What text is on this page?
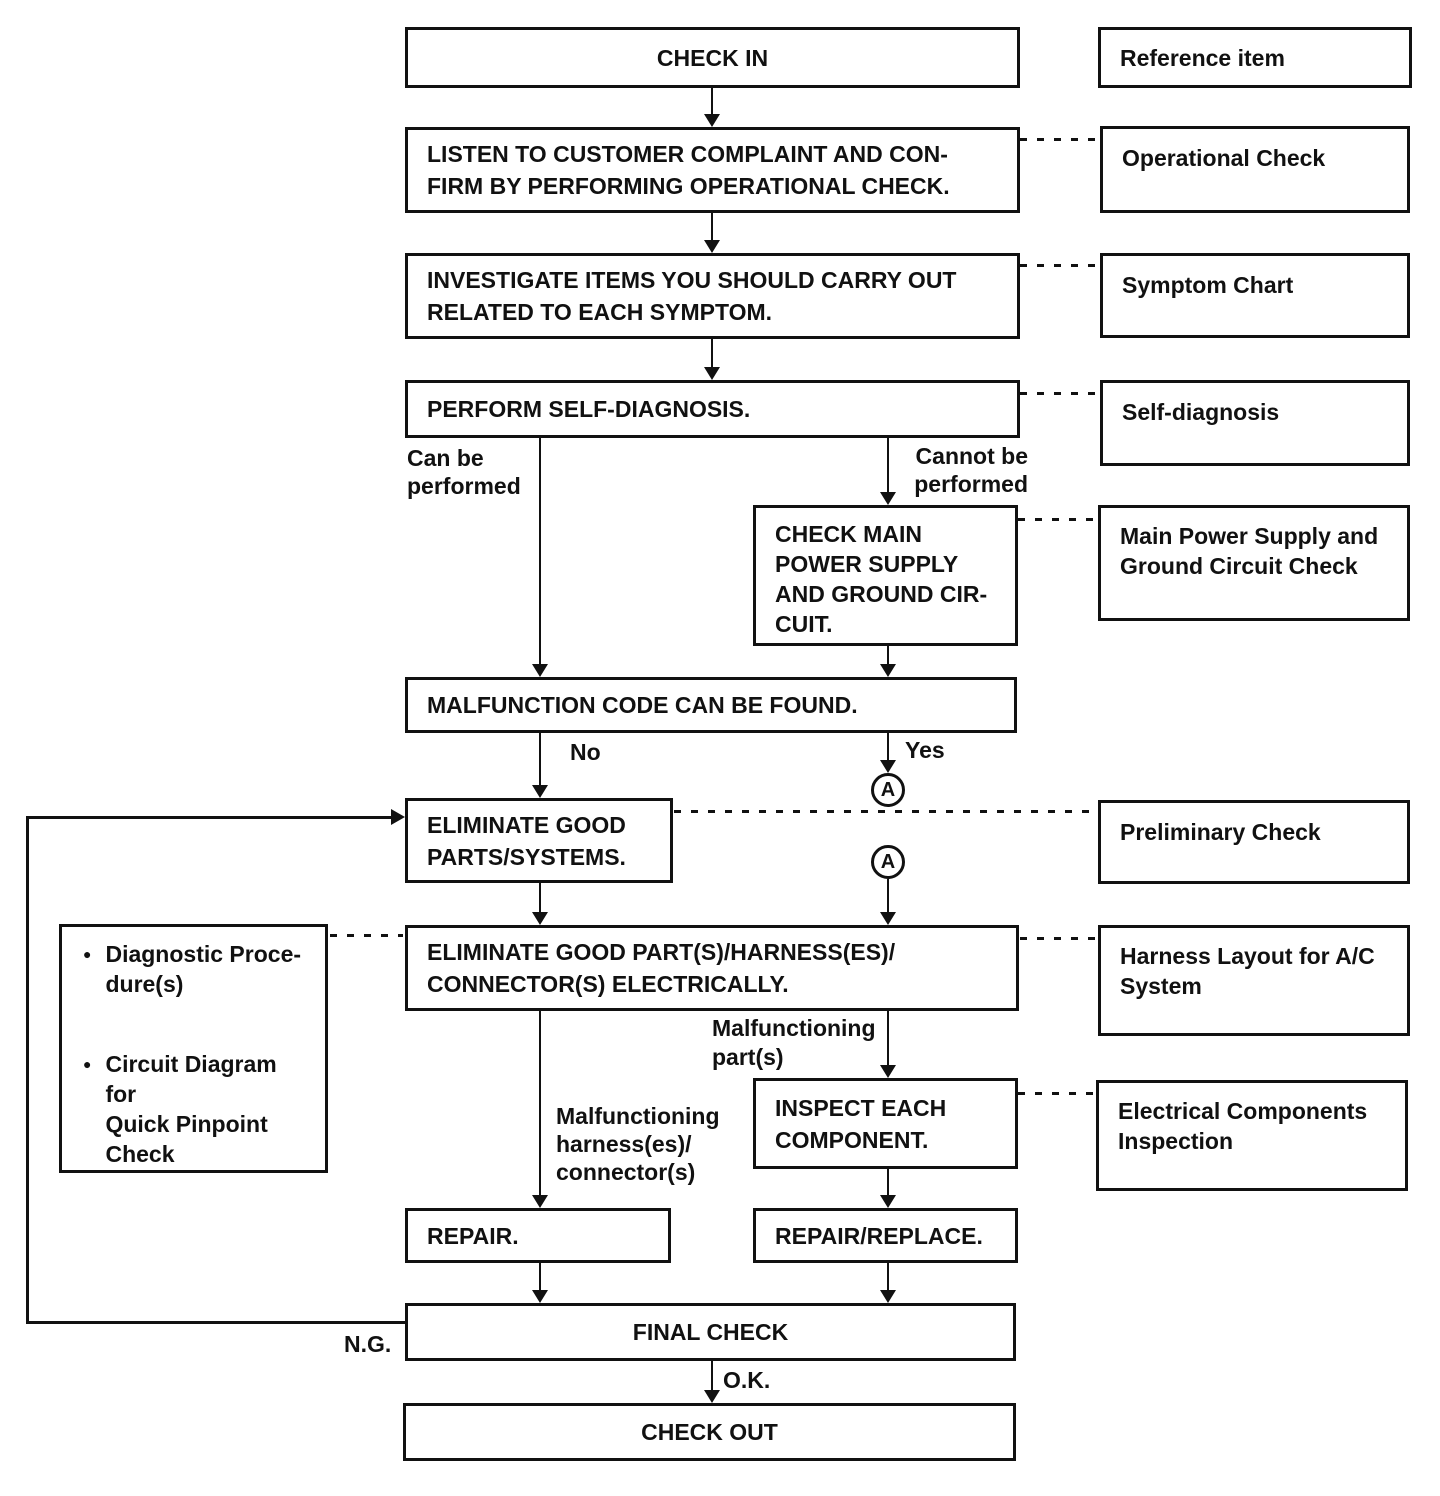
CHECK IN
LISTEN TO CUSTOMER COMPLAINT AND CON-
FIRM BY PERFORMING OPERATIONAL CHECK.
INVESTIGATE ITEMS YOU SHOULD CARRY OUT
RELATED TO EACH SYMPTOM.
PERFORM SELF-DIAGNOSIS.
CHECK MAIN
POWER SUPPLY
AND GROUND CIR-
CUIT.
MALFUNCTION CODE CAN BE FOUND.
ELIMINATE GOOD
PARTS/SYSTEMS.
ELIMINATE GOOD PART(S)/HARNESS(ES)/
CONNECTOR(S) ELECTRICALLY.
INSPECT EACH
COMPONENT.
REPAIR.	REPAIR/REPLACE.
FINAL CHECK
CHECK OUT
Reference item
Operational Check
Symptom Chart
Self-diagnosis
Main Power Supply and
Ground Circuit Check
Preliminary Check
Harness Layout for A/C
System
Electrical Components
Inspection
● Diagnostic Proce-
dure(s)
● Circuit Diagram for
Quick Pinpoint
Check
A
A
Can be
performed
Cannot be
performed
No	Yes
Malfunctioning
part(s)
Malfunctioning
harness(es)/
connector(s)
N.G.
O.K.
